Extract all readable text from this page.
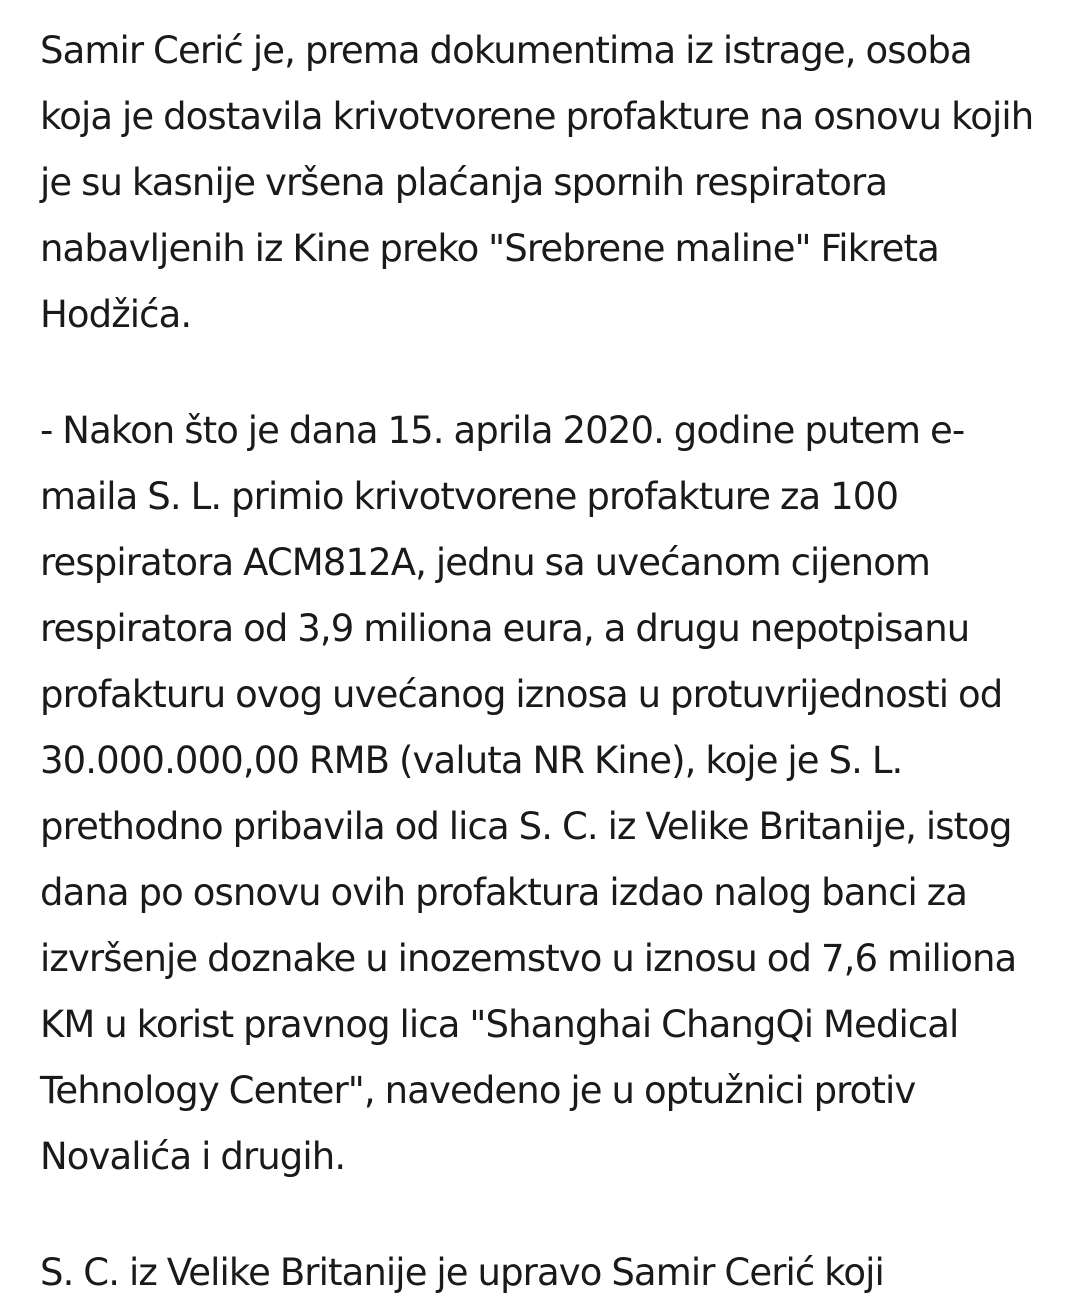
Samir Cerić je, prema dokumentima iz istrage, osoba koja je dostavila krivotvorene profakture na osnovu kojih je su kasnije vršena plaćanja spornih respiratora nabavljenih iz Kine preko "Srebrene maline" Fikreta Hodžića.

- Nakon što je dana 15. aprila 2020. godine putem e-maila S. L. primio krivotvorene profakture za 100 respiratora ACM812A, jednu sa uvećanom cijenom respiratora od 3,9 miliona eura, a drugu nepotpisanu profakturu ovog uvećanog iznosa u protuvrijednosti od 30.000.000,00 RMB (valuta NR Kine), koje je S. L. prethodno pribavila od lica S. C. iz Velike Britanije, istog dana po osnovu ovih profaktura izdao nalog banci za izvršenje doznake u inozemstvo u iznosu od 7,6 miliona KM u korist pravnog lica "Shanghai ChangQi Medical Tehnology Center", navedeno je u optužnici protiv Novalića i drugih.

S. C. iz Velike Britanije je upravo Samir Cerić koji
